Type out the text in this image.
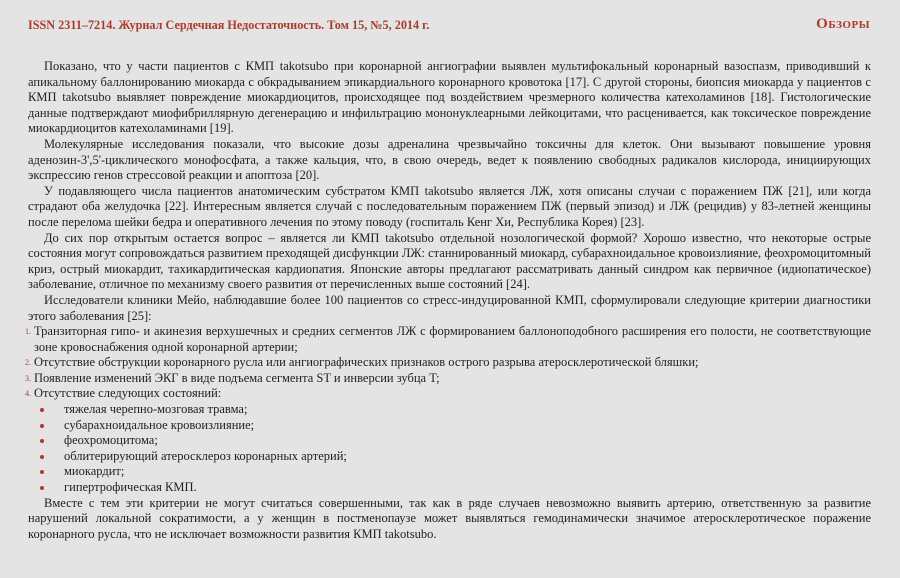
ISSN 2311–7214. Журнал Сердечная Недостаточность. Том 15, №5, 2014 г.	Обзоры

Показано, что у части пациентов с КМП takotsubo при коронарной ангиографии выявлен мультифокальный коронарный вазоспазм, приводивший к апикальному баллонированию миокарда с обкрадыванием эпикардиального коронарного кровотока [17]. С другой стороны, биопсия миокарда у пациентов с КМП takotsubo выявляет повреждение миокардиоцитов, происходящее под воздействием чрезмерного количества катехоламинов [18]. Гистологические данные подтверждают миофибриллярную дегенерацию и инфильтрацию мононуклеарными лейкоцитами, что расценивается, как токсическое повреждение миокардиоцитов катехоламинами [19].

Молекулярные исследования показали, что высокие дозы адреналина чрезвычайно токсичны для клеток. Они вызывают повышение уровня аденозин-3',5'-циклического монофосфата, а также кальция, что, в свою очередь, ведет к появлению свободных радикалов кислорода, инициирующих экспрессию генов стрессовой реакции и апоптоза [20].

У подавляющего числа пациентов анатомическим субстратом КМП takotsubo является ЛЖ, хотя описаны случаи с поражением ПЖ [21], или когда страдают оба желудочка [22]. Интересным является случай с последовательным поражением ПЖ (первый эпизод) и ЛЖ (рецидив) у 83-летней женщины после перелома шейки бедра и оперативного лечения по этому поводу (госпиталь Кенг Хи, Республика Корея) [23].

До сих пор открытым остается вопрос – является ли КМП takotsubo отдельной нозологической формой? Хорошо известно, что некоторые острые состояния могут сопровождаться развитием преходящей дисфункции ЛЖ: станнированный миокард, субарахноидальное кровоизлияние, феохромоцитомный криз, острый миокардит, тахикардитическая кардиопатия. Японские авторы предлагают рассматривать данный синдром как первичное (идиопатическое) заболевание, отличное по механизму своего развития от перечисленных выше состояний [24].

Исследователи клиники Мейо, наблюдавшие более 100 пациентов со стресс-индуцированной КМП, сформулировали следующие критерии диагностики этого заболевания [25]:

1. Транзиторная гипо- и акинезия верхушечных и средних сегментов ЛЖ с формированием баллоноподобного расширения его полости, не соответствующие зоне кровоснабжения одной коронарной артерии;
2. Отсутствие обструкции коронарного русла или ангиографических признаков острого разрыва атеросклеротической бляшки;
3. Появление изменений ЭКГ в виде подъема сегмента ST и инверсии зубца T;
4. Отсутствие следующих состояний:
тяжелая черепно-мозговая травма;
субарахноидальное кровоизлияние;
феохромоцитома;
облитерирующий атеросклероз коронарных артерий;
миокардит;
гипертрофическая КМП.

Вместе с тем эти критерии не могут считаться совершенными, так как в ряде случаев невозможно выявить артерию, ответственную за развитие нарушений локальной сократимости, а у женщин в постменопаузе может выявляться гемодинамически значимое атеросклеротическое поражение коронарного русла, что не исключает возможности развития КМП takotsubo.
